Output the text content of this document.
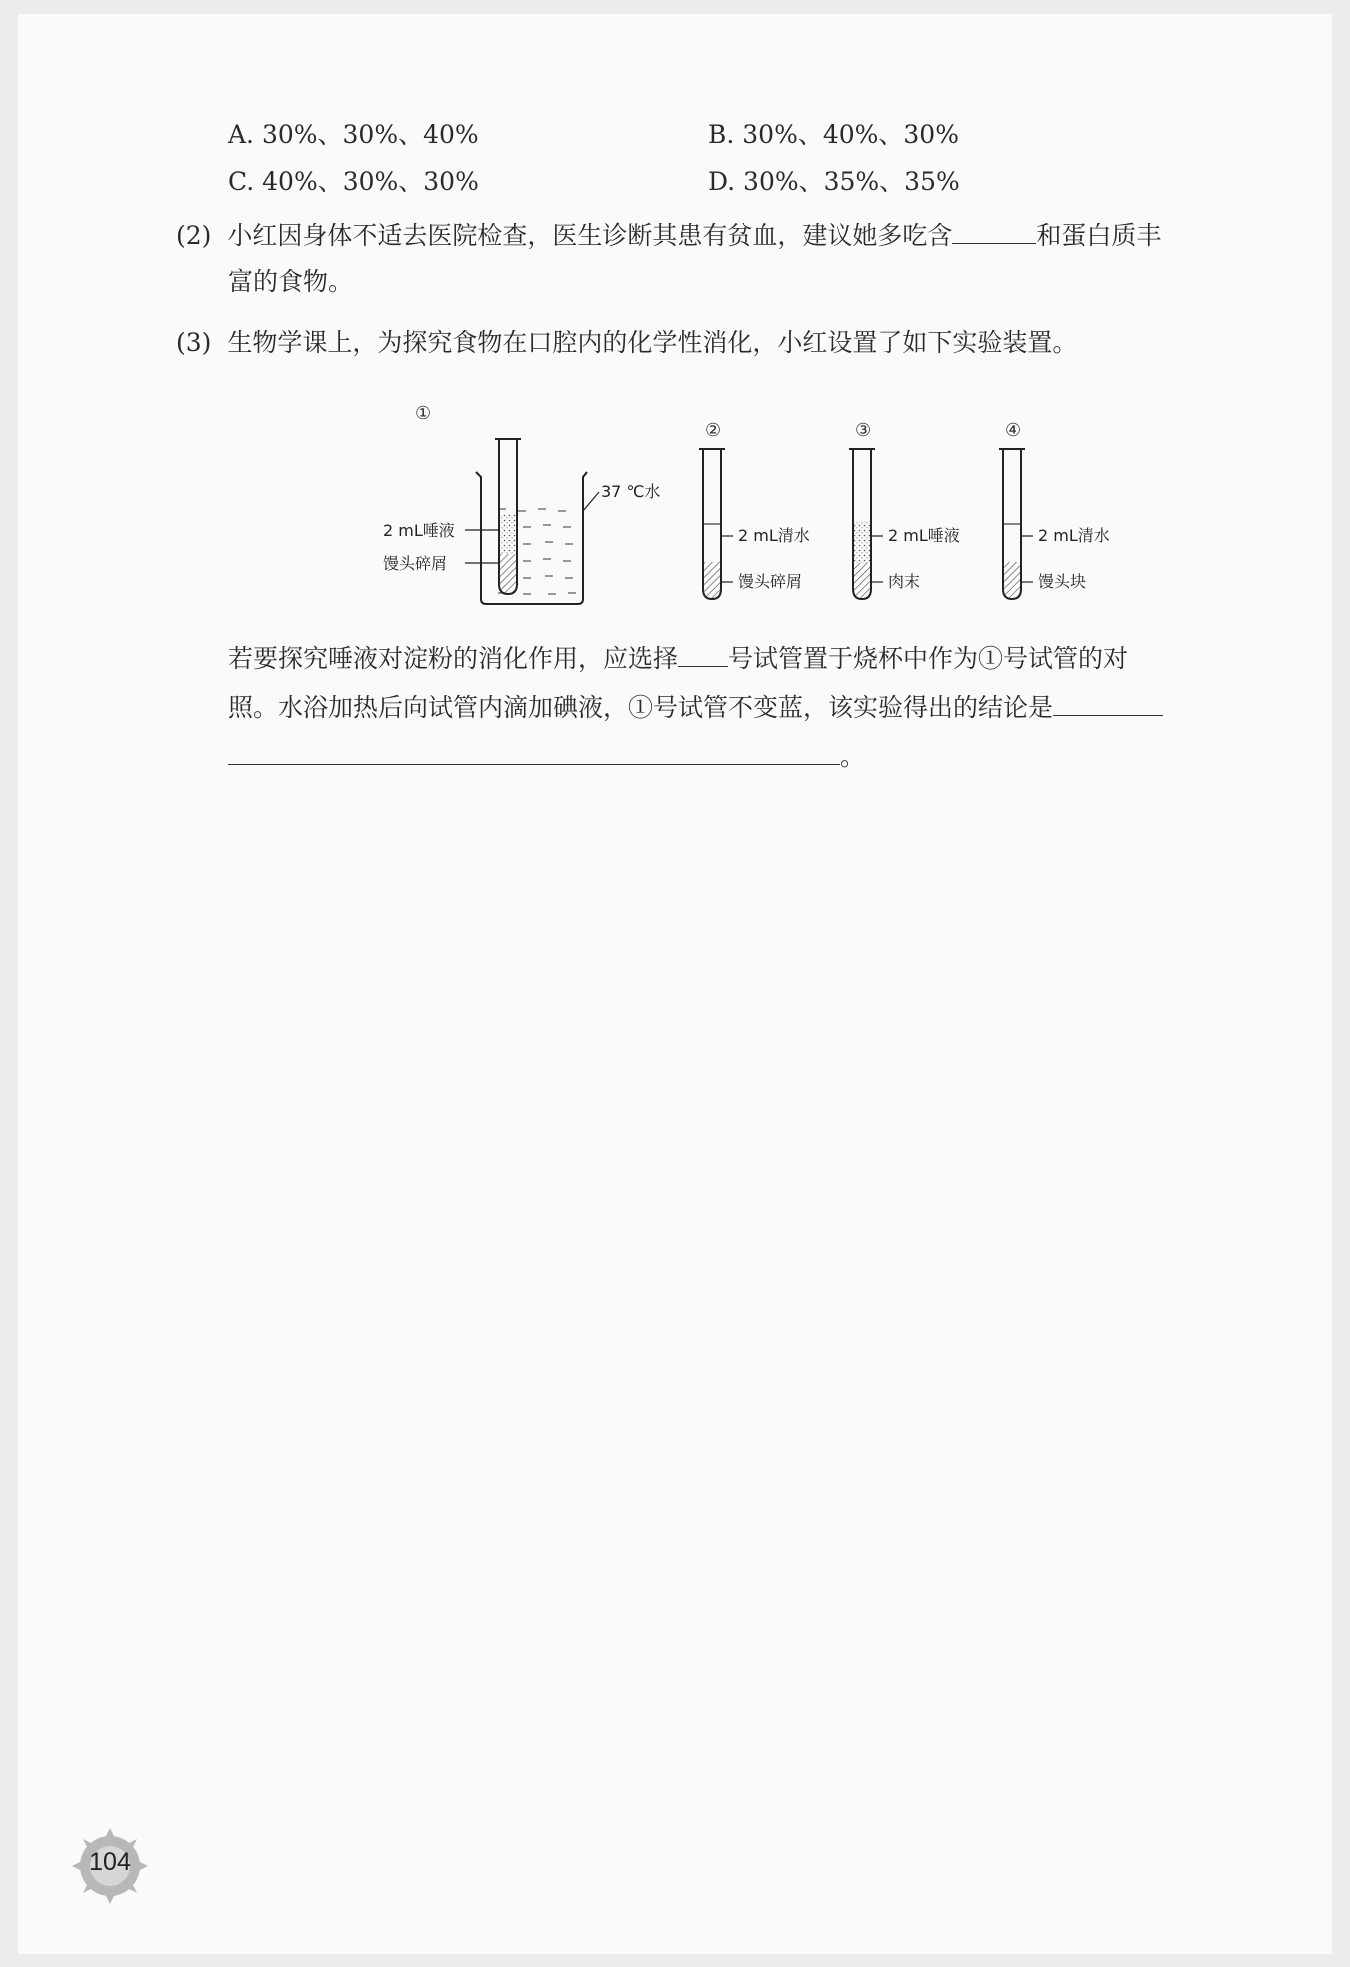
A. 30%、30%、40%	B. 30%、40%、30%
C. 40%、30%、30%	D. 30%、35%、35%
(2) 小红因身体不适去医院检查，医生诊断其患有贫血，建议她多吃含	和蛋白质丰
富的食物。
(3) 生物学课上，为探究食物在口腔内的化学性消化，小红设置了如下实验装置。
①
37 ℃水
2 mL唾液
馒头碎屑
②
2 mL清水
馒头碎屑
③
2 mL唾液
肉末
④
2 mL清水
馒头块
若要探究唾液对淀粉的消化作用，应选择 号试管置于烧杯中作为①号试管的对
照。水浴加热后向试管内滴加碘液，①号试管不变蓝，该实验得出的结论是
。
104
